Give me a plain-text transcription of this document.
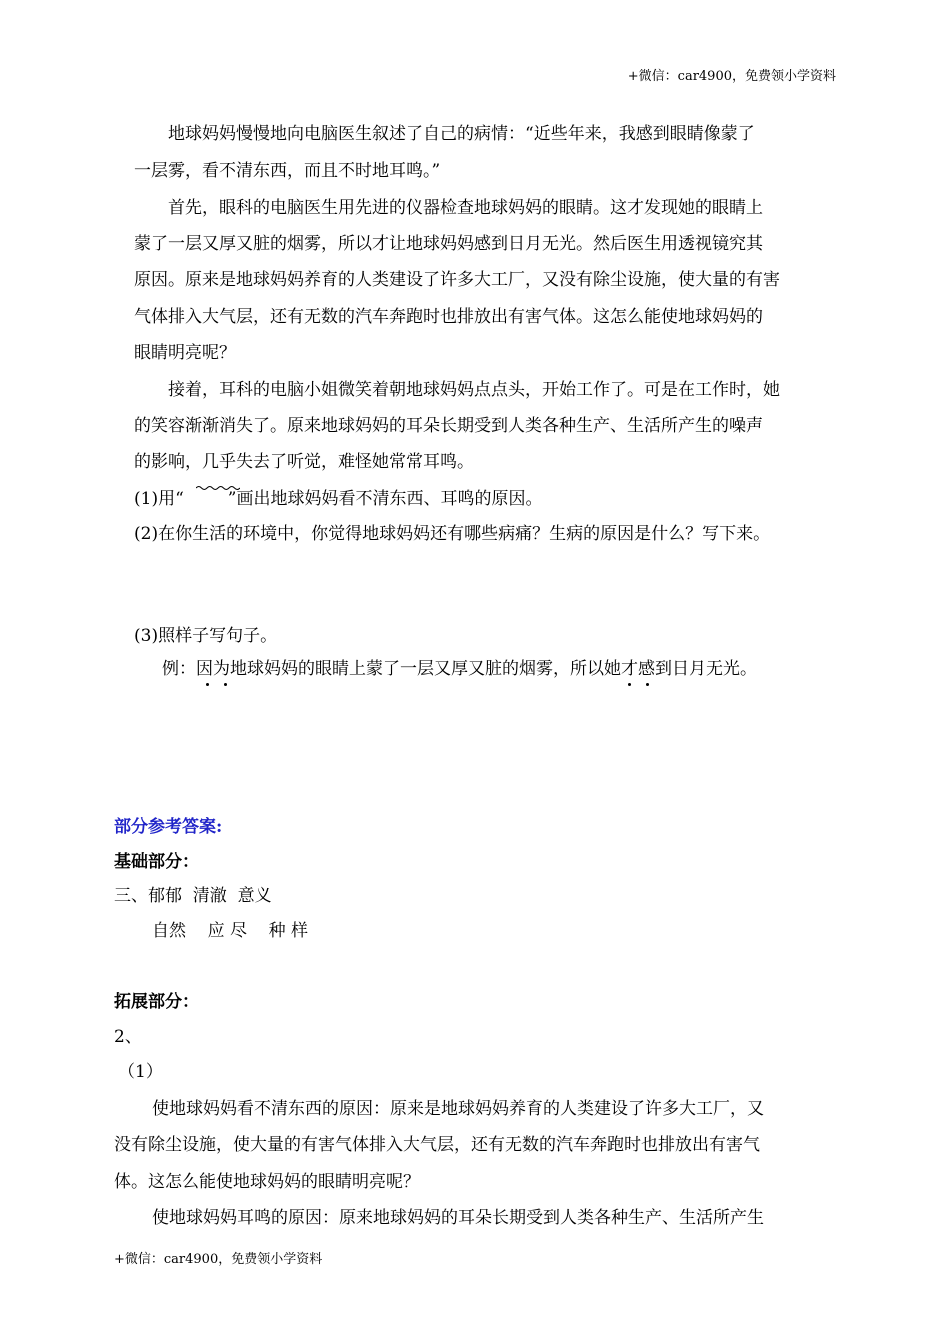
+微信：car4900，免费领小学资料
地球妈妈慢慢地向电脑医生叙述了自己的病情：“近些年来，我感到眼睛像蒙了
一层雾，看不清东西，而且不时地耳鸣。”
首先，眼科的电脑医生用先进的仪器检查地球妈妈的眼睛。这才发现她的眼睛上
蒙了一层又厚又脏的烟雾，所以才让地球妈妈感到日月无光。然后医生用透视镜究其
原因。原来是地球妈妈养育的人类建设了许多大工厂，又没有除尘设施，使大量的有害
气体排入大气层，还有无数的汽车奔跑时也排放出有害气体。这怎么能使地球妈妈的
眼睛明亮呢？
接着，耳科的电脑小姐微笑着朝地球妈妈点点头，开始工作了。可是在工作时，她
的笑容渐渐消失了。原来地球妈妈的耳朵长期受到人类各种生产、生活所产生的噪声
的影响，几乎失去了听觉，难怪她常常耳鸣。
(1)用“	”画出地球妈妈看不清东西、耳鸣的原因。
(2)在你生活的环境中，你觉得地球妈妈还有哪些病痛？生病的原因是什么？写下来。
(3)照样子写句子。
例：因为地球妈妈的眼睛上蒙了一层又厚又脏的烟雾，所以她才感到日月无光。
部分参考答案:
基础部分：
三、郁郁  清澈  意义
自然    应 尽    种 样
拓展部分：
2、
（1）
使地球妈妈看不清东西的原因：原来是地球妈妈养育的人类建设了许多大工厂，又
没有除尘设施，使大量的有害气体排入大气层，还有无数的汽车奔跑时也排放出有害气
体。这怎么能使地球妈妈的眼睛明亮呢？
使地球妈妈耳鸣的原因：原来地球妈妈的耳朵长期受到人类各种生产、生活所产生
+微信：car4900，免费领小学资料
